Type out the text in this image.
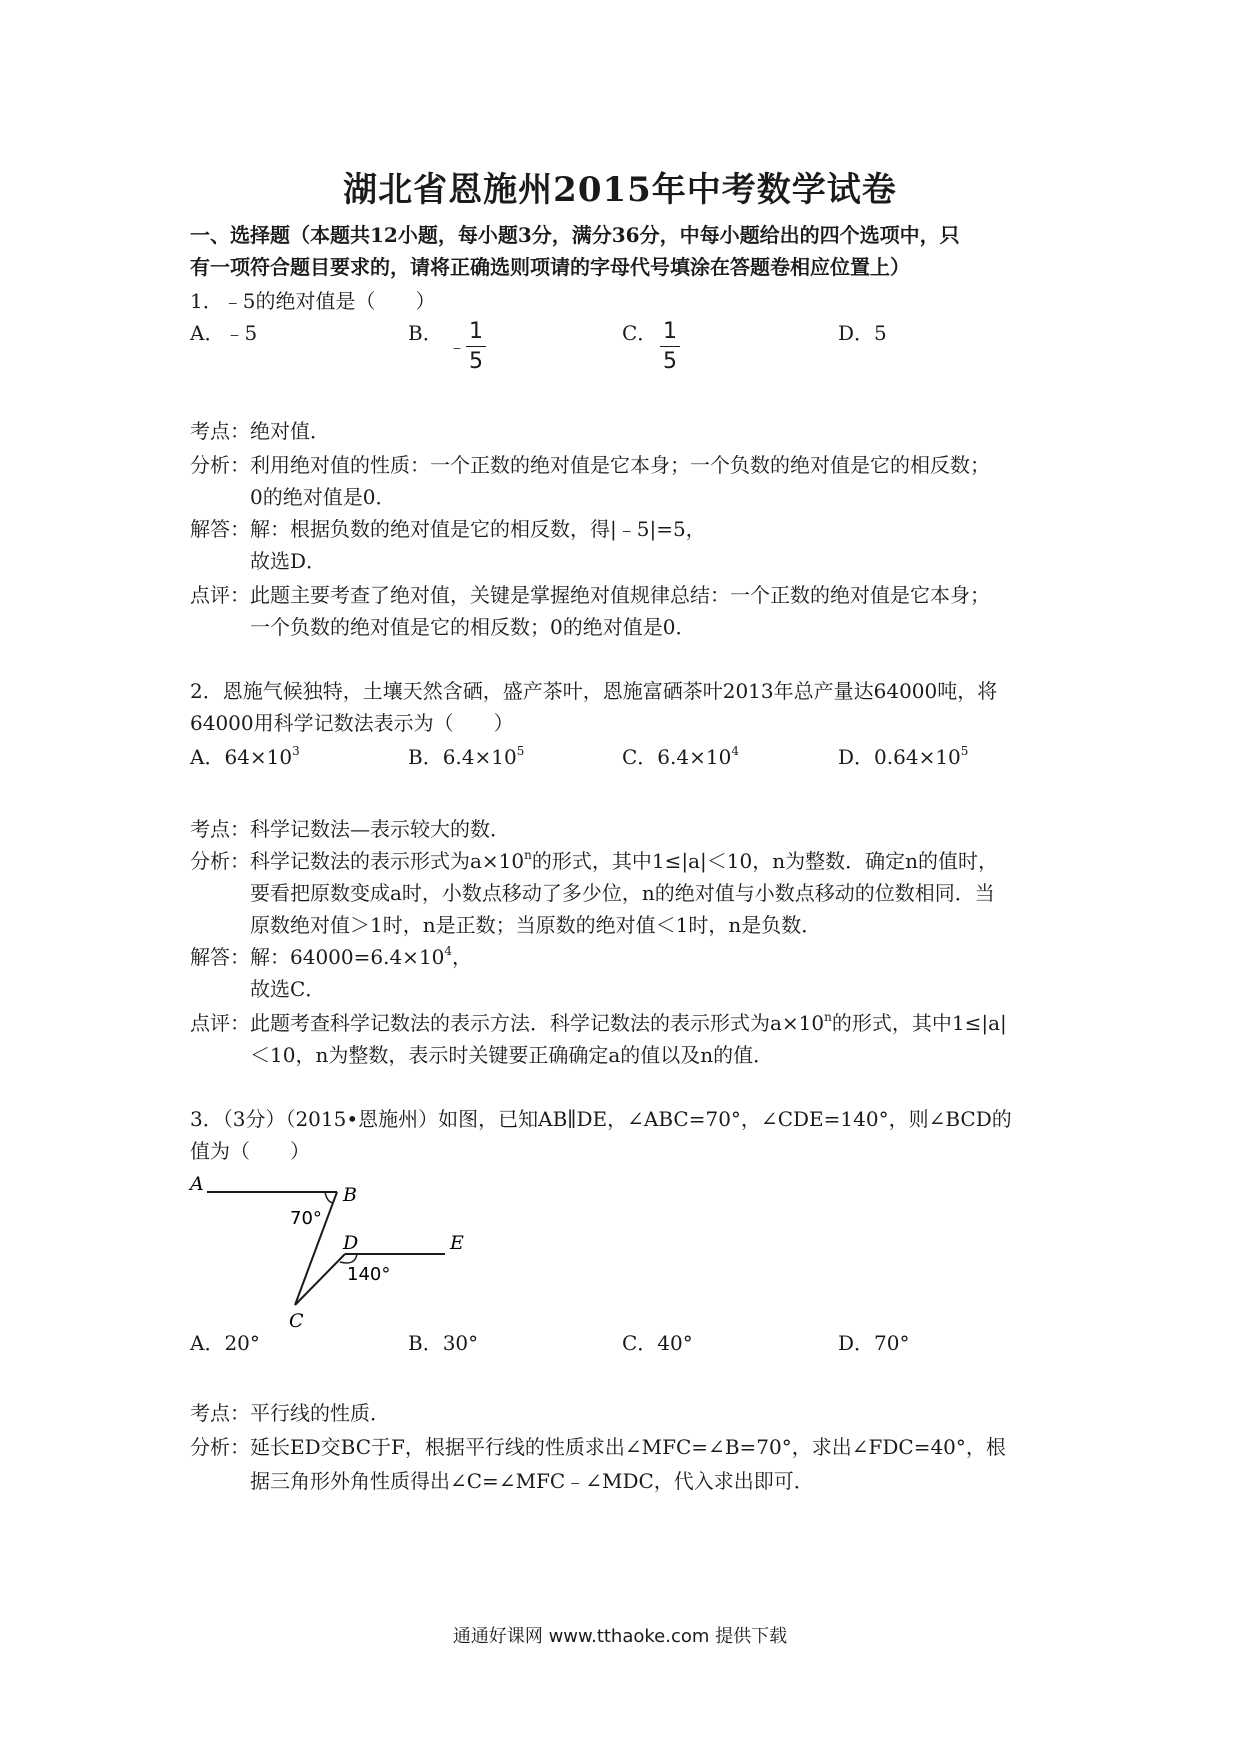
湖北省恩施州2015年中考数学试卷
一、选择题（本题共12小题，每小题3分，满分36分，中每小题给出的四个选项中，只
有一项符合题目要求的，请将正确选则项请的字母代号填涂在答题卷相应位置上）
1．﹣5的绝对值是（　　）
A．﹣5	B．
﹣ $\frac{1}{5}$	C． $\frac{1}{5}$	D．5
考点：绝对值．
分析：利用绝对值的性质：一个正数的绝对值是它本身；一个负数的绝对值是它的相反数；
0的绝对值是0．
解答：解：根据负数的绝对值是它的相反数，得|﹣5|=5，
故选D．
点评：此题主要考查了绝对值，关键是掌握绝对值规律总结：一个正数的绝对值是它本身；
一个负数的绝对值是它的相反数；0的绝对值是0．
2．恩施气候独特，土壤天然含硒，盛产茶叶，恩施富硒茶叶2013年总产量达64000吨，将
64000用科学记数法表示为（　　）
A．$64\times 10^3$	B．$6.4\times 10^5$	C．$6.4\times 10^4$	D．$0.64\times 10^5$
考点：科学记数法—表示较大的数．
分析：科学记数法的表示形式为$a\times 10^n$的形式，其中1≤|a|＜10，n为整数．确定n的值时，
要看把原数变成a时，小数点移动了多少位，n的绝对值与小数点移动的位数相同．当
原数绝对值＞1时，n是正数；当原数的绝对值＜1时，n是负数．
解答：解：$64000=6.4\times 10^4$，
故选C．
点评：此题考查科学记数法的表示方法．科学记数法的表示形式为$a\times 10^n$的形式，其中1≤|a|
＜10，n为整数，表示时关键要正确确定a的值以及n的值．
3．（3分）（2015•恩施州）如图，已知AB∥DE，∠ABC=70°，∠CDE=140°，则∠BCD的
值为（　　）
A	B
C
D	E
70°
140°
A．20°	B．30°	C．40°	D．70°
考点：平行线的性质．
分析：延长ED交BC于F，根据平行线的性质求出∠MFC=∠B=70°，求出∠FDC=40°，根
据三角形外角性质得出∠C=∠MFC﹣∠MDC，代入求出即可．
通通好课网 www.tthaoke.com 提供下载
